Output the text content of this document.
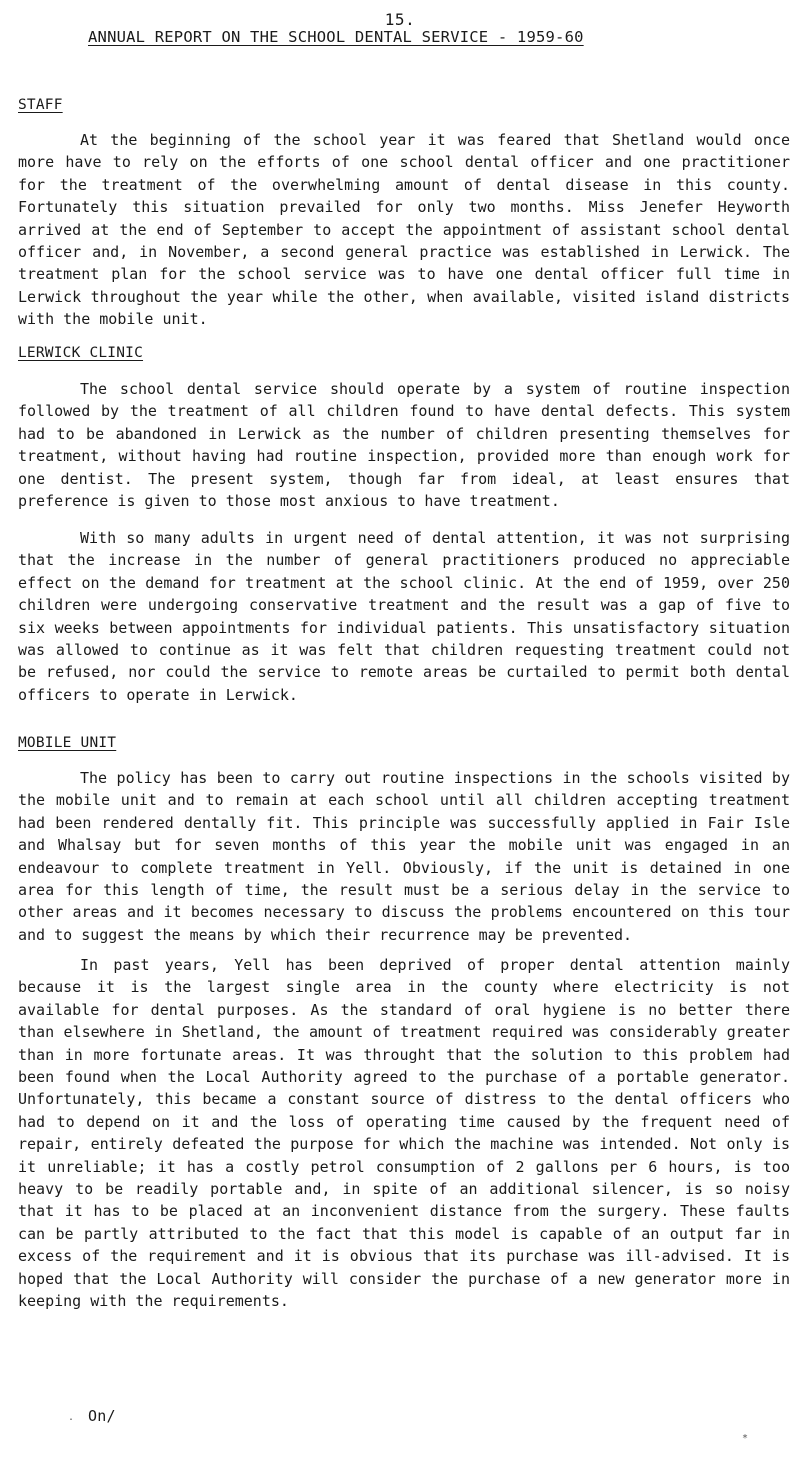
15.
ANNUAL REPORT ON THE SCHOOL DENTAL SERVICE - 1959-60
STAFF

At the beginning of the school year it was feared that Shetland would once more have to rely on the efforts of one school dental officer and one practitioner for the treatment of the overwhelming amount of dental disease in this county. Fortunately this situation prevailed for only two months. Miss Jenefer Heyworth arrived at the end of September to accept the appointment of assistant school dental officer and, in November, a second general practice was established in Lerwick. The treatment plan for the school service was to have one dental officer full time in Lerwick throughout the year while the other, when available, visited island districts with the mobile unit.

LERWICK CLINIC

The school dental service should operate by a system of routine inspection followed by the treatment of all children found to have dental defects. This system had to be abandoned in Lerwick as the number of children presenting themselves for treatment, without having had routine inspection, provided more than enough work for one dentist. The present system, though far from ideal, at least ensures that preference is given to those most anxious to have treatment.

With so many adults in urgent need of dental attention, it was not surprising that the increase in the number of general practitioners produced no appreciable effect on the demand for treatment at the school clinic. At the end of 1959, over 250 children were undergoing conservative treatment and the result was a gap of five to six weeks between appointments for individual patients. This unsatisfactory situation was allowed to continue as it was felt that children requesting treatment could not be refused, nor could the service to remote areas be curtailed to permit both dental officers to operate in Lerwick.

MOBILE UNIT

The policy has been to carry out routine inspections in the schools visited by the mobile unit and to remain at each school until all children accepting treatment had been rendered dentally fit. This principle was successfully applied in Fair Isle and Whalsay but for seven months of this year the mobile unit was engaged in an endeavour to complete treatment in Yell. Obviously, if the unit is detained in one area for this length of time, the result must be a serious delay in the service to other areas and it becomes necessary to discuss the problems encountered on this tour and to suggest the means by which their recurrence may be prevented.

In past years, Yell has been deprived of proper dental attention mainly because it is the largest single area in the county where electricity is not available for dental purposes. As the standard of oral hygiene is no better there than elsewhere in Shetland, the amount of treatment required was considerably greater than in more fortunate areas. It was throught that the solution to this problem had been found when the Local Authority agreed to the purchase of a portable generator. Unfortunately, this became a constant source of distress to the dental officers who had to depend on it and the loss of operating time caused by the frequent need of repair, entirely defeated the purpose for which the machine was intended. Not only is it unreliable; it has a costly petrol consumption of 2 gallons per 6 hours, is too heavy to be readily portable and, in spite of an additional silencer, is so noisy that it has to be placed at an inconvenient distance from the surgery. These faults can be partly attributed to the fact that this model is capable of an output far in excess of the requirement and it is obvious that its purchase was ill-advised. It is hoped that the Local Authority will consider the purchase of a new generator more in keeping with the requirements.

On/
.
*
